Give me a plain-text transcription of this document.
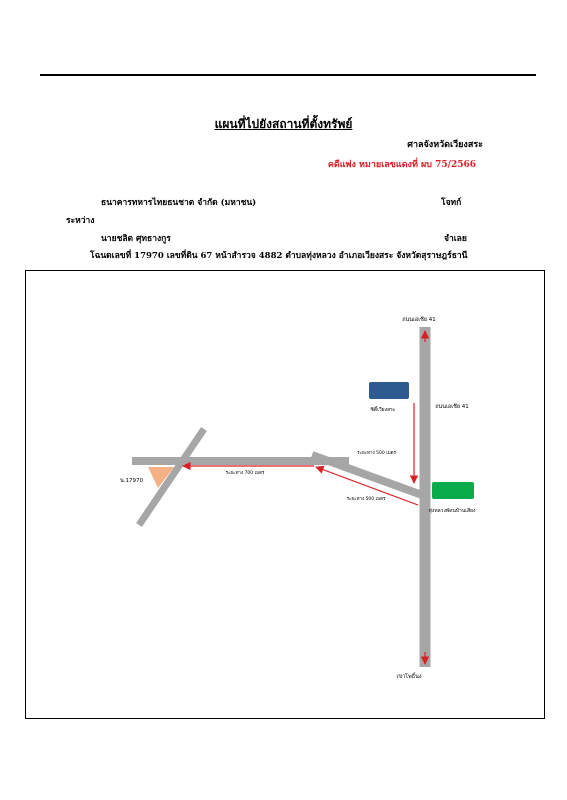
แผนที่ไปยังสถานที่ตั้งทรัพย์
ศาลจังหวัดเวียงสระ
คดีแพ่ง หมายเลขแดงที่ ผบ 75/2566
ธนาคารทหารไทยธนชาต จำกัด (มหาชน)	โจทก์
ระหว่าง
นายชลิต ศุทธางกูร	จำเลย
โฉนดเลขที่ 17970 เลขที่ดิน 67 หน้าสำรวจ 4882 ตำบลทุ่งหลวง อำเภอเวียงสระ จังหวัดสุราษฎร์ธานี
ถนนเอเชีย 41
ถนนเอเชีย 41
เขาโพธิ์นง
ซิตี้เวียงสระ
ทุ่งหลวงพัดนบ้านเสียง
น.17970
ระยะทาง 500 เมตร
ระยะทาง 500 เมตร
ระยะทาง 700 เมตร
